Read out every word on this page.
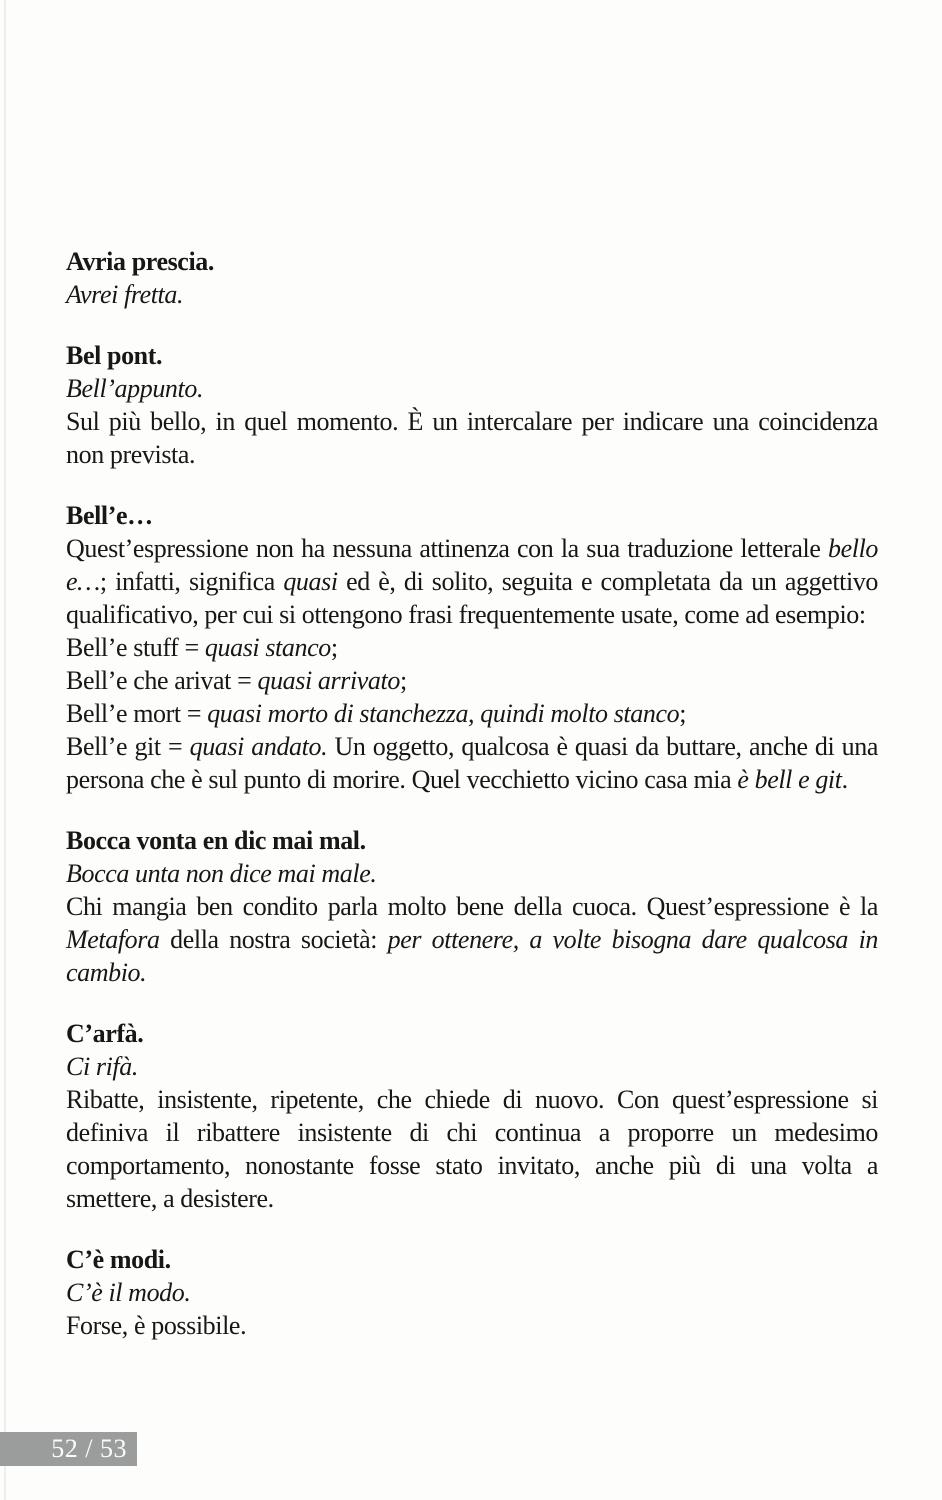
Avria prescia.

Avrei fretta.

Bel pont.

Bell’appunto.

Sul più bello, in quel momento. È un intercalare per indicare una coincidenza non prevista.

Bell’e…

Quest’espressione non ha nessuna attinenza con la sua traduzione letterale bello e…; infatti, significa quasi ed è, di solito, seguita e completata da un aggettivo qualificativo, per cui si ottengono frasi frequentemente usate, come ad esempio:

Bell’e stuff = quasi stanco;

Bell’e che arivat = quasi arrivato;

Bell’e mort = quasi morto di stanchezza, quindi molto stanco;

Bell’e git = quasi andato. Un oggetto, qualcosa è quasi da buttare, anche di una persona che è sul punto di morire. Quel vecchietto vicino casa mia è bell e git.

Bocca vonta en dic mai mal.

Bocca unta non dice mai male.

Chi mangia ben condito parla molto bene della cuoca. Quest’espressione è la Metafora della nostra società: per ottenere, a volte bisogna dare qualcosa in cambio.

C’arfà.

Ci rifà.

Ribatte, insistente, ripetente, che chiede di nuovo. Con quest’espressione si definiva il ribattere insistente di chi continua a proporre un medesimo comportamento, nonostante fosse stato invitato, anche più di una volta a smettere, a desistere.

C’è modi.

C’è il modo.

Forse, è possibile.

52 / 53
